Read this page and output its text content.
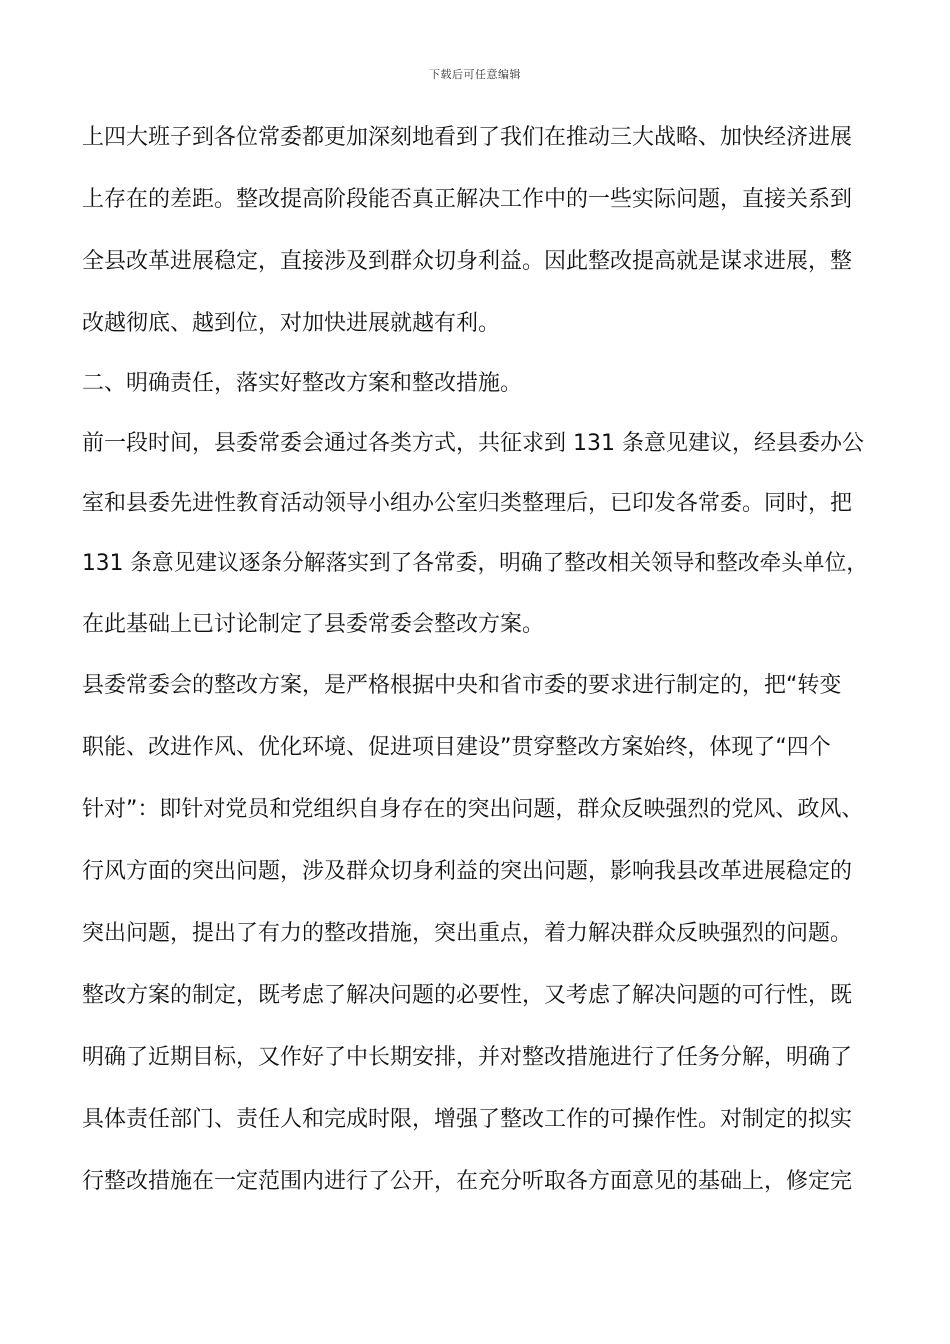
下载后可任意编辑
上四大班子到各位常委都更加深刻地看到了我们在推动三大战略、加快经济进展
上存在的差距。整改提高阶段能否真正解决工作中的一些实际问题，直接关系到
全县改革进展稳定，直接涉及到群众切身利益。因此整改提高就是谋求进展，整
改越彻底、越到位，对加快进展就越有利。
二、明确责任，落实好整改方案和整改措施。
前一段时间，县委常委会通过各类方式，共征求到 131 条意见建议，经县委办公
室和县委先进性教育活动领导小组办公室归类整理后，已印发各常委。同时，把
131 条意见建议逐条分解落实到了各常委，明确了整改相关领导和整改牵头单位，
在此基础上已讨论制定了县委常委会整改方案。
县委常委会的整改方案，是严格根据中央和省市委的要求进行制定的，把“转变
职能、改进作风、优化环境、促进项目建设”贯穿整改方案始终，体现了“四个
针对”：即针对党员和党组织自身存在的突出问题，群众反映强烈的党风、政风、
行风方面的突出问题，涉及群众切身利益的突出问题，影响我县改革进展稳定的
突出问题，提出了有力的整改措施，突出重点，着力解决群众反映强烈的问题。
整改方案的制定，既考虑了解决问题的必要性，又考虑了解决问题的可行性，既
明确了近期目标，又作好了中长期安排，并对整改措施进行了任务分解，明确了
具体责任部门、责任人和完成时限，增强了整改工作的可操作性。对制定的拟实
行整改措施在一定范围内进行了公开，在充分听取各方面意见的基础上，修定完
